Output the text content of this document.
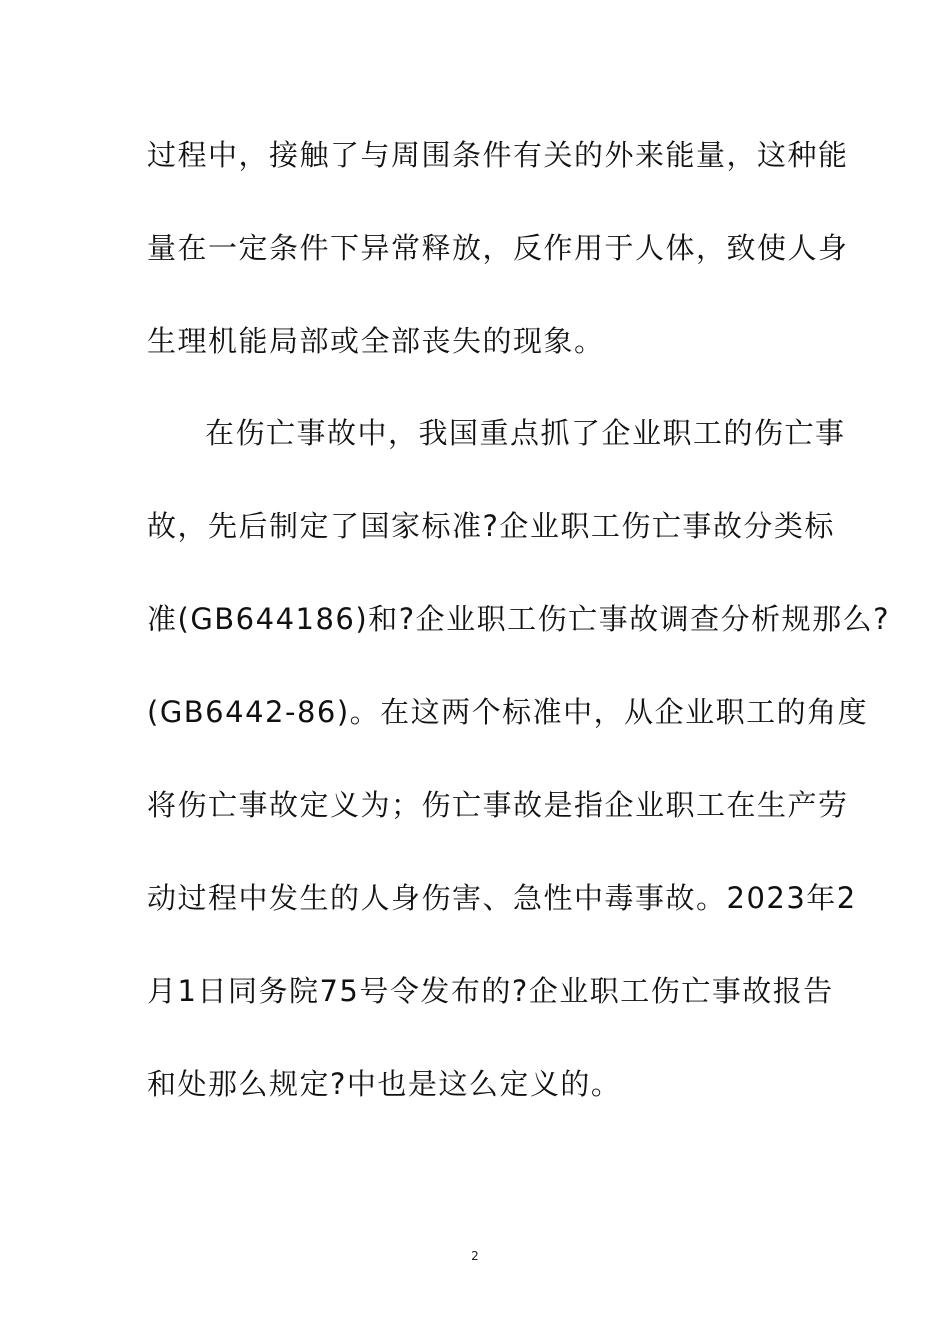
过程中，接触了与周围条件有关的外来能量，这种能
量在一定条件下异常释放，反作用于人体，致使人身
生理机能局部或全部丧失的现象。
在伤亡事故中，我国重点抓了企业职工的伤亡事
故，先后制定了国家标准?企业职工伤亡事故分类标
准(GB644186)和?企业职工伤亡事故调查分析规那么?
(GB6442-86)。在这两个标准中，从企业职工的角度
将伤亡事故定义为；伤亡事故是指企业职工在生产劳
动过程中发生的人身伤害、急性中毒事故。2023年2
月1日同务院75号令发布的?企业职工伤亡事故报告
和处那么规定?中也是这么定义的。
2
